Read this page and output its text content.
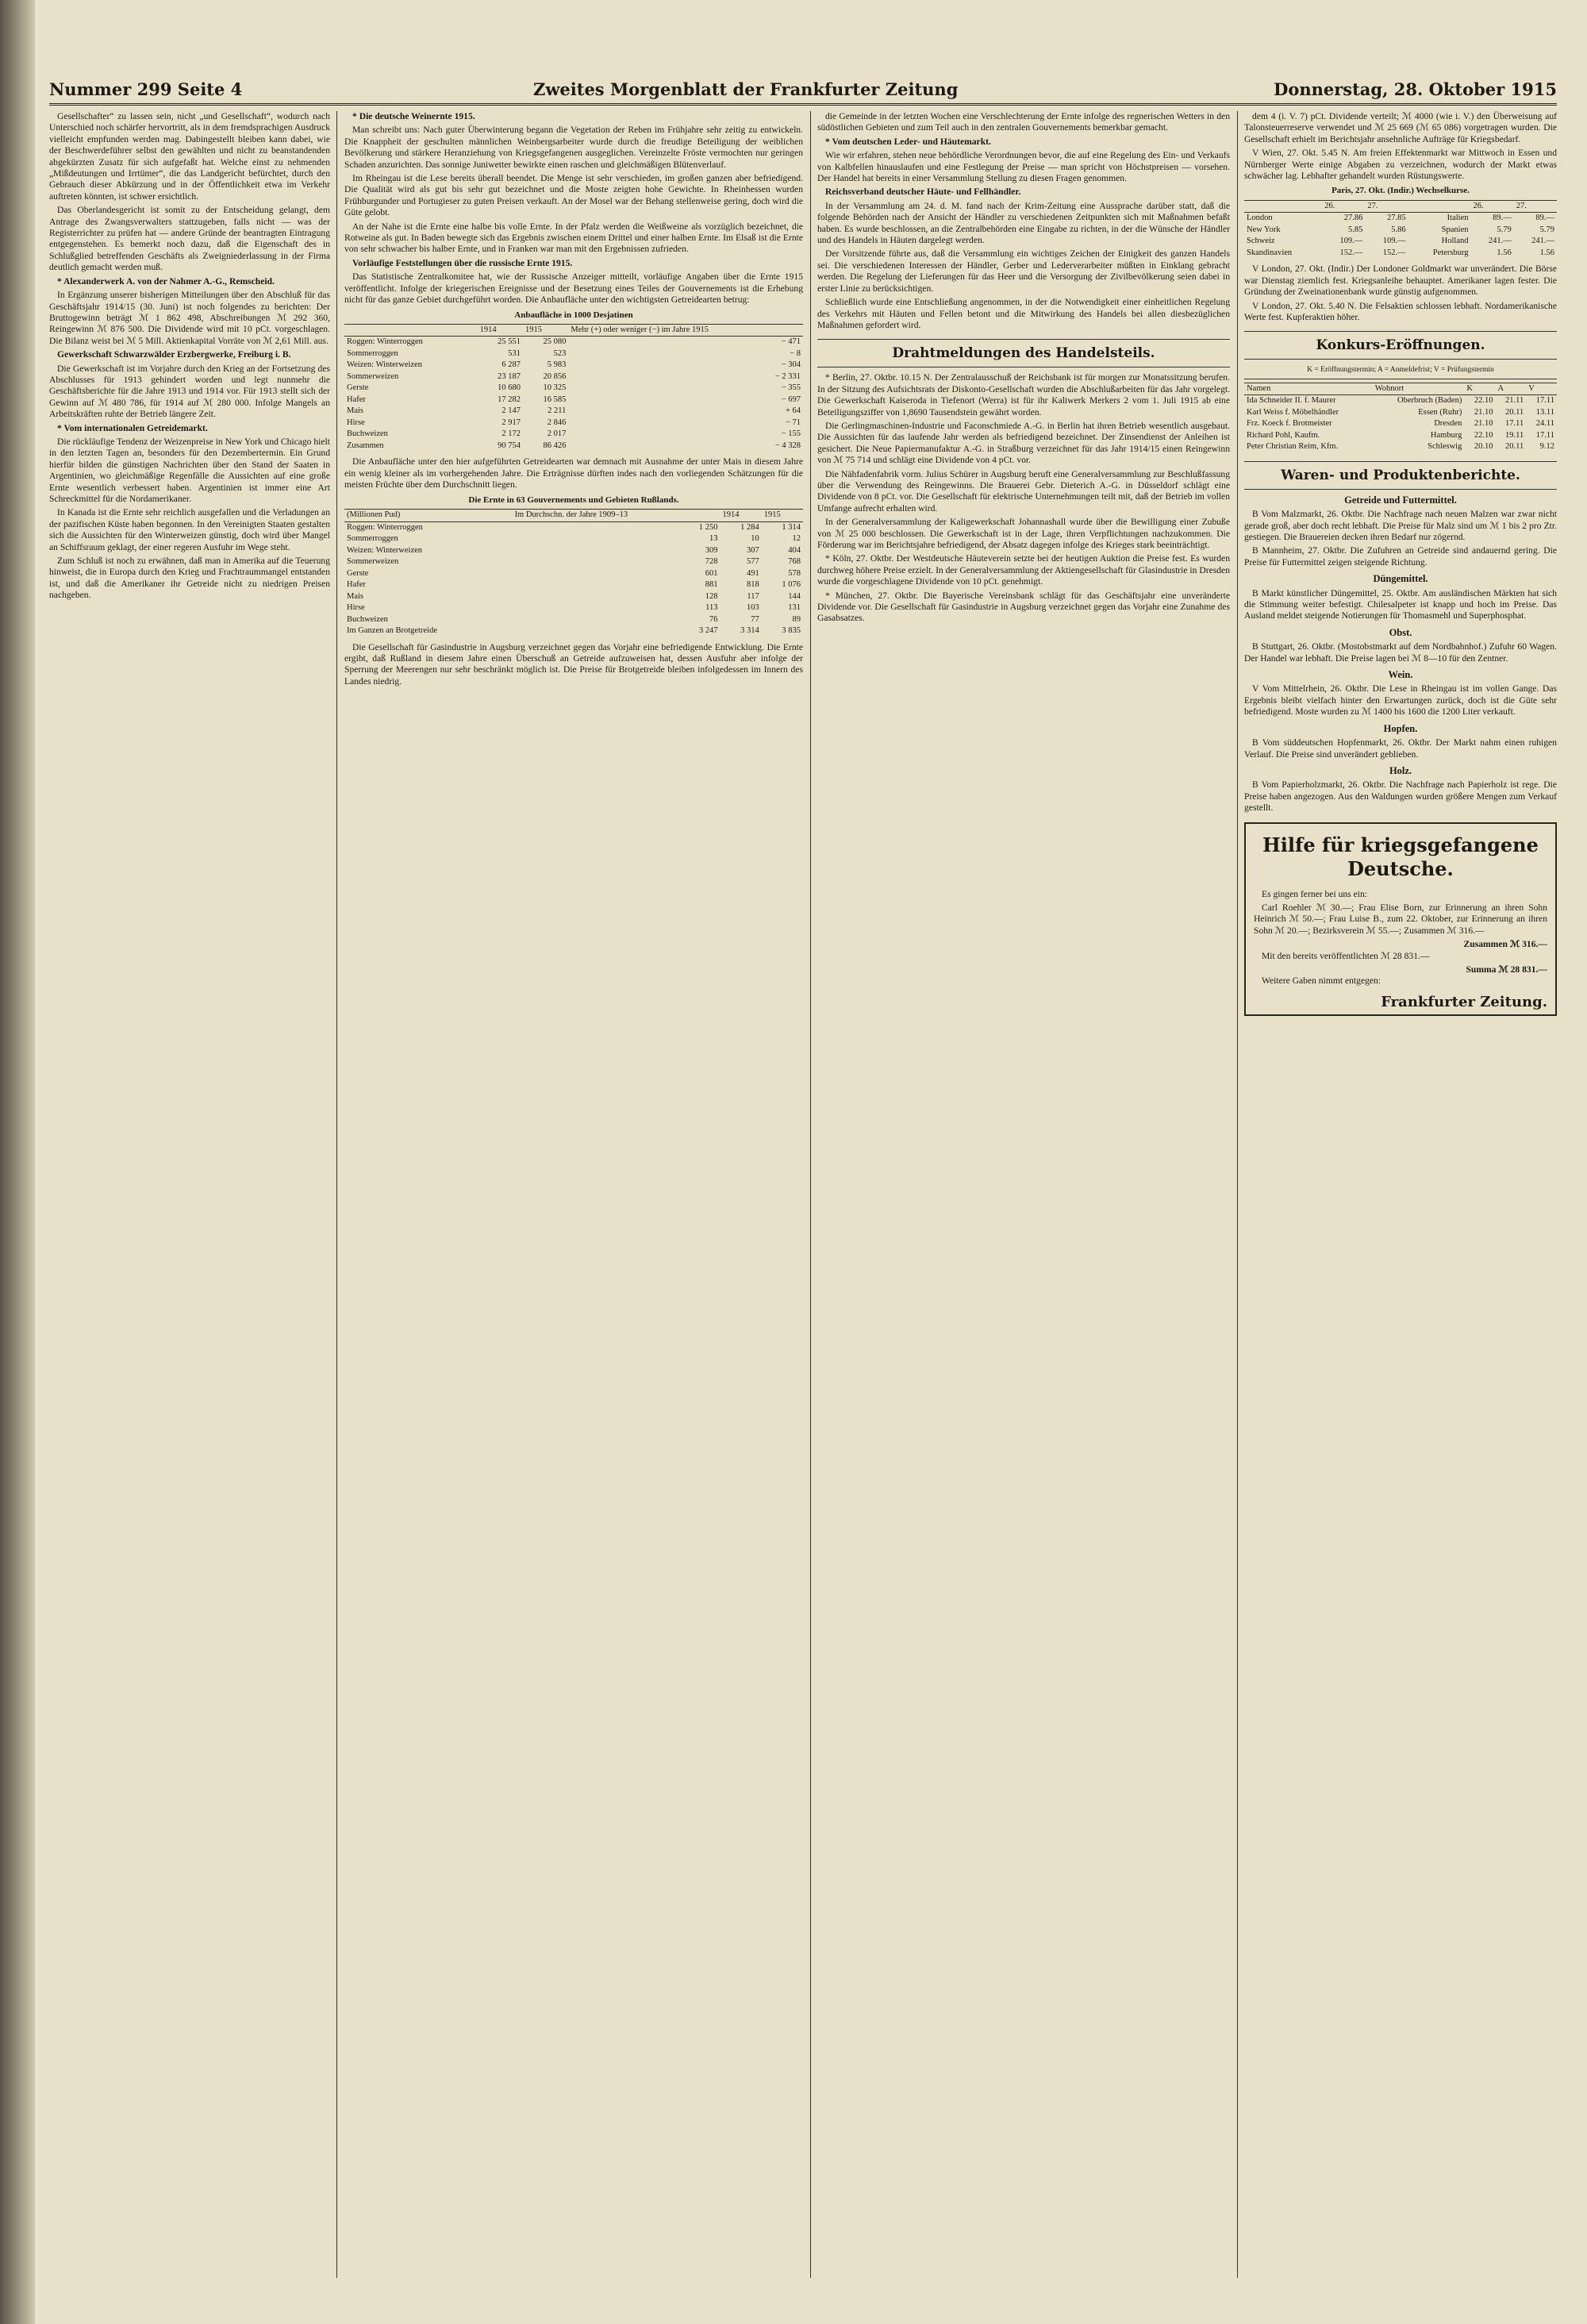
Nummer 299 Seite 4	Zweites Morgenblatt der Frankfurter Zeitung	Donnerstag, 28. Oktober 1915

Gesellschafter“ zu lassen sein, nicht „und Gesellschaft“, wodurch nach Unterschied noch schärfer hervortritt, als in dem fremdsprachigen Ausdruck vielleicht empfunden werden mag. Dabingestellt bleiben kann dabei, wie der Beschwerdeführer selbst den gewählten und nicht zu beanstandenden abgekürzten Zusatz für sich aufgefaßt hat. Welche einst zu nehmenden „Mißdeutungen und Irrtümer“, die das Landgericht befürchtet, durch den Gebrauch dieser Abkürzung und in der Öffentlichkeit etwa im Verkehr auftreten könnten, ist schwer ersichtlich.

Das Oberlandesgericht ist somit zu der Entscheidung gelangt, dem Antrage des Zwangsverwalters stattzugeben, falls nicht — was der Registerrichter zu prüfen hat — andere Gründe der beantragten Eintragung entgegenstehen. Es bemerkt noch dazu, daß die Eigenschaft des in Schlußglied betreffenden Geschäfts als Zweigniederlassung in der Firma deutlich gemacht werden muß.

* Alexanderwerk A. von der Nahmer A.-G., Remscheid.

In Ergänzung unserer bisherigen Mitteilungen über den Abschluß für das Geschäftsjahr 1914/15 (30. Juni) ist noch folgendes zu berichten: Der Bruttogewinn beträgt ℳ 1 862 498, Abschreibungen ℳ 292 360, Reingewinn ℳ 876 500. Die Dividende wird mit 10 pCt. vorgeschlagen. Die Bilanz weist bei ℳ 5 Mill. Aktienkapital Vorräte von ℳ 2,61 Mill. aus.

Gewerkschaft Schwarzwälder Erzbergwerke, Freiburg i. B.

Die Gewerkschaft ist im Vorjahre durch den Krieg an der Fortsetzung des Abschlusses für 1913 gehindert worden und legt nunmehr die Geschäftsberichte für die Jahre 1913 und 1914 vor. Für 1913 stellt sich der Gewinn auf ℳ 480 786, für 1914 auf ℳ 280 000. Infolge Mangels an Arbeitskräften ruhte der Betrieb längere Zeit.

* Vom internationalen Getreidemarkt.

Die rückläufige Tendenz der Weizenpreise in New York und Chicago hielt in den letzten Tagen an, besonders für den Dezembertermin. Ein Grund hierfür bilden die günstigen Nachrichten über den Stand der Saaten in Argentinien, wo gleichmäßige Regenfälle die Aussichten auf eine große Ernte wesentlich verbessert haben. Argentinien ist immer eine Art Schreckmittel für die Nordamerikaner.

In Kanada ist die Ernte sehr reichlich ausgefallen und die Verladungen an der pazifischen Küste haben begonnen. In den Vereinigten Staaten gestalten sich die Aussichten für den Winterweizen günstig, doch wird über Mangel an Schiffsraum geklagt, der einer regeren Ausfuhr im Wege steht.

Zum Schluß ist noch zu erwähnen, daß man in Amerika auf die Teuerung hinweist, die in Europa durch den Krieg und Frachtraummangel entstanden ist, und daß die Amerikaner ihr Getreide nicht zu niedrigen Preisen nachgeben.

* Die deutsche Weinernte 1915.

Man schreibt uns: Nach guter Überwinterung begann die Vegetation der Reben im Frühjahre sehr zeitig zu entwickeln. Die Knappheit der geschulten männlichen Weinbergsarbeiter wurde durch die freudige Beteiligung der weiblichen Bevölkerung und stärkere Heranziehung von Kriegsgefangenen ausgeglichen. Vereinzelte Fröste vermochten nur geringen Schaden anzurichten. Das sonnige Juniwetter bewirkte einen raschen und gleichmäßigen Blütenverlauf.

Im Rheingau ist die Lese bereits überall beendet. Die Menge ist sehr verschieden, im großen ganzen aber befriedigend. Die Qualität wird als gut bis sehr gut bezeichnet und die Moste zeigten hohe Gewichte. In Rheinhessen wurden Frühburgunder und Portugieser zu guten Preisen verkauft. An der Mosel war der Behang stellenweise gering, doch wird die Güte gelobt.

An der Nahe ist die Ernte eine halbe bis volle Ernte. In der Pfalz werden die Weißweine als vorzüglich bezeichnet, die Rotweine als gut. In Baden bewegte sich das Ergebnis zwischen einem Drittel und einer halben Ernte. Im Elsaß ist die Ernte von sehr schwacher bis halber Ernte, und in Franken war man mit den Ergebnissen zufrieden.

Vorläufige Feststellungen über die russische Ernte 1915.

Das Statistische Zentralkomitee hat, wie der Russische Anzeiger mitteilt, vorläufige Angaben über die Ernte 1915 veröffentlicht. Infolge der kriegerischen Ereignisse und der Besetzung eines Teiles der Gouvernements ist die Erhebung nicht für das ganze Gebiet durchgeführt worden. Die Anbaufläche unter den wichtigsten Getreidearten betrug:

Anbaufläche in 1000 Desjatinen
	1914	1915	Mehr (+) oder weniger (−) im Jahre 1915
Roggen: Winterroggen	25 551	25 080	− 471
Sommerroggen	531	523	− 8
Weizen: Winterweizen	6 287	5 983	− 304
Sommerweizen	23 187	20 856	− 2 331
Gerste	10 680	10 325	− 355
Hafer	17 282	16 585	− 697
Mais	2 147	2 211	+ 64
Hirse	2 917	2 846	− 71
Buchweizen	2 172	2 017	− 155
Zusammen	90 754	86 426	− 4 328

Die Anbaufläche unter den hier aufgeführten Getreidearten war demnach mit Ausnahme der unter Mais in diesem Jahre ein wenig kleiner als im vorhergehenden Jahre. Die Erträgnisse dürften indes nach den vorliegenden Schätzungen für die meisten Früchte über dem Durchschnitt liegen.

Die Ernte in 63 Gouvernements und Gebieten Rußlands.
(Millionen Pud)	Im Durchschn. der Jahre 1909–13	1914	1915
Roggen: Winterroggen	1 250	1 284	1 314
Sommerroggen	13	10	12
Weizen: Winterweizen	309	307	404
Sommerweizen	728	577	768
Gerste	601	491	578
Hafer	881	818	1 076
Mais	128	117	144
Hirse	113	103	131
Buchweizen	76	77	89
Im Ganzen an Brotgetreide	3 247	3 314	3 835

Die Gesellschaft für Gasindustrie in Augsburg verzeichnet gegen das Vorjahr eine befriedigende Entwicklung. Die Ernte ergibt, daß Rußland in diesem Jahre einen Überschuß an Getreide aufzuweisen hat, dessen Ausfuhr aber infolge der Sperrung der Meerengen nur sehr beschränkt möglich ist. Die Preise für Brotgetreide bleiben infolgedessen im Innern des Landes niedrig.

die Gemeinde in der letzten Wochen eine Verschlechterung der Ernte infolge des regnerischen Wetters in den südöstlichen Gebieten und zum Teil auch in den zentralen Gouvernements bemerkbar gemacht.

* Vom deutschen Leder- und Häutemarkt.

Wie wir erfahren, stehen neue behördliche Verordnungen bevor, die auf eine Regelung des Ein- und Verkaufs von Kalbfellen hinauslaufen und eine Festlegung der Preise — man spricht von Höchstpreisen — vorsehen. Der Handel hat bereits in einer Versammlung Stellung zu diesen Fragen genommen.

Reichsverband deutscher Häute- und Fellhändler.

In der Versammlung am 24. d. M. fand nach der Krim-Zeitung eine Aussprache darüber statt, daß die folgende Behörden nach der Ansicht der Händler zu verschiedenen Zeitpunkten sich mit Maßnahmen befaßt haben. Es wurde beschlossen, an die Zentralbehörden eine Eingabe zu richten, in der die Wünsche der Händler und des Handels in Häuten dargelegt werden.

Der Vorsitzende führte aus, daß die Versammlung ein wichtiges Zeichen der Einigkeit des ganzen Handels sei. Die verschiedenen Interessen der Händler, Gerber und Lederverarbeiter müßten in Einklang gebracht werden. Die Regelung der Lieferungen für das Heer und die Versorgung der Zivilbevölkerung seien dabei in erster Linie zu berücksichtigen.

Schließlich wurde eine Entschließung angenommen, in der die Notwendigkeit einer einheitlichen Regelung des Verkehrs mit Häuten und Fellen betont und die Mitwirkung des Handels bei allen diesbezüglichen Maßnahmen gefordert wird.

Drahtmeldungen des Handelsteils.

* Berlin, 27. Oktbr. 10.15 N. Der Zentralausschuß der Reichsbank ist für morgen zur Monatssitzung berufen. In der Sitzung des Aufsichtsrats der Diskonto-Gesellschaft wurden die Abschlußarbeiten für das Jahr vorgelegt. Die Gewerkschaft Kaiseroda in Tiefenort (Werra) ist für ihr Kaliwerk Merkers 2 vom 1. Juli 1915 ab eine Beteiligungsziffer von 1,8690 Tausendstein gewährt worden.

Die Gerlingmaschinen-Industrie und Faconschmiede A.-G. in Berlin hat ihren Betrieb wesentlich ausgebaut. Die Aussichten für das laufende Jahr werden als befriedigend bezeichnet. Der Zinsendienst der Anleihen ist gesichert. Die Neue Papiermanufaktur A.-G. in Straßburg verzeichnet für das Jahr 1914/15 einen Reingewinn von ℳ 75 714 und schlägt eine Dividende von 4 pCt. vor.

Die Nähfadenfabrik vorm. Julius Schürer in Augsburg beruft eine Generalversammlung zur Beschlußfassung über die Verwendung des Reingewinns. Die Brauerei Gebr. Dieterich A.-G. in Düsseldorf schlägt eine Dividende von 8 pCt. vor. Die Gesellschaft für elektrische Unternehmungen teilt mit, daß der Betrieb im vollen Umfange aufrecht erhalten wird.

In der Generalversammlung der Kaligewerkschaft Johannashall wurde über die Bewilligung einer Zubuße von ℳ 25 000 beschlossen. Die Gewerkschaft ist in der Lage, ihren Verpflichtungen nachzukommen. Die Förderung war im Berichtsjahre befriedigend, der Absatz dagegen infolge des Krieges stark beeinträchtigt.

* Köln, 27. Oktbr. Der Westdeutsche Häuteverein setzte bei der heutigen Auktion die Preise fest. Es wurden durchweg höhere Preise erzielt. In der Generalversammlung der Aktiengesellschaft für Glasindustrie in Dresden wurde die vorgeschlagene Dividende von 10 pCt. genehmigt.

* München, 27. Oktbr. Die Bayerische Vereinsbank schlägt für das Geschäftsjahr eine unveränderte Dividende vor. Die Gesellschaft für Gasindustrie in Augsburg verzeichnet gegen das Vorjahr eine Zunahme des Gasabsatzes.

dem 4 (i. V. 7) pCt. Dividende verteilt; ℳ 4000 (wie i. V.) den Überweisung auf Talonsteuerreserve verwendet und ℳ 25 669 (ℳ 65 086) vorgetragen wurden. Die Gesellschaft erhielt im Berichtsjahr ansehnliche Aufträge für Kriegsbedarf.

V Wien, 27. Okt. 5.45 N. Am freien Effektenmarkt war Mittwoch in Essen und Nürnberger Werte einige Abgaben zu verzeichnen, wodurch der Markt etwas schwächer lag. Lebhafter gehandelt wurden Rüstungswerte.

Paris, 27. Okt. (Indir.) Wechselkurse.
	26.	27.		26.	27.
London	27.86	27.85	Italien	89.—	89.—
New York	5.85	5.86	Spanien	5.79	5.79
Schweiz	109.—	109.—	Holland	241.—	241.—
Skandinavien	152.—	152.—	Petersburg	1.56	1.56

V London, 27. Okt. (Indir.) Der Londoner Goldmarkt war unverändert. Die Börse war Dienstag ziemlich fest. Kriegsanleihe behauptet. Amerikaner lagen fester. Die Gründung der Zweinationenbank wurde günstig aufgenommen.

V London, 27. Okt. 5.40 N. Die Felsaktien schlossen lebhaft. Nordamerikanische Werte fest. Kupferaktien höher.

Konkurs-Eröffnungen.
K = Eröffnungstermin; A = Anmeldefrist; V = Prüfungstermin
Namen	Wohnort	K	A	V
Ida Schneider II. f. Maurer	Oberbruch (Baden)	22.10	21.11	17.11
Karl Weiss f. Möbelhändler	Essen (Ruhr)	21.10	20.11	13.11
Frz. Koeck f. Brotmeister	Dresden	21.10	17.11	24.11
Richard Pohl, Kaufm.	Hamburg	22.10	19.11	17.11
Peter Christian Reim, Kfm.	Schleswig	20.10	20.11	9.12
Waren- und Produktenberichte.
Getreide und Futtermittel.

B Vom Malzmarkt, 26. Oktbr. Die Nachfrage nach neuen Malzen war zwar nicht gerade groß, aber doch recht lebhaft. Die Preise für Malz sind um ℳ 1 bis 2 pro Ztr. gestiegen. Die Brauereien decken ihren Bedarf nur zögernd.

B Mannheim, 27. Oktbr. Die Zufuhren an Getreide sind andauernd gering. Die Preise für Futtermittel zeigen steigende Richtung.

Düngemittel.

B Markt künstlicher Düngemittel, 25. Oktbr. Am ausländischen Märkten hat sich die Stimmung weiter befestigt. Chilesalpeter ist knapp und hoch im Preise. Das Ausland meldet steigende Notierungen für Thomasmehl und Superphosphat.

Obst.

B Stuttgart, 26. Oktbr. (Mostobstmarkt auf dem Nordbahnhof.) Zufuhr 60 Wagen. Der Handel war lebhaft. Die Preise lagen bei ℳ 8—10 für den Zentner.

Wein.

V Vom Mittelrhein, 26. Oktbr. Die Lese in Rheingau ist im vollen Gange. Das Ergebnis bleibt vielfach hinter den Erwartungen zurück, doch ist die Güte sehr befriedigend. Moste wurden zu ℳ 1400 bis 1600 die 1200 Liter verkauft.

Hopfen.

B Vom süddeutschen Hopfenmarkt, 26. Oktbr. Der Markt nahm einen ruhigen Verlauf. Die Preise sind unverändert geblieben.

Holz.

B Vom Papierholzmarkt, 26. Oktbr. Die Nachfrage nach Papierholz ist rege. Die Preise haben angezogen. Aus den Waldungen wurden größere Mengen zum Verkauf gestellt.

Hilfe für kriegsgefangene Deutsche.

Es gingen ferner bei uns ein:

Carl Roehler ℳ 30.—; Frau Elise Born, zur Erinnerung an ihren Sohn Heinrich ℳ 50.—; Frau Luise B., zum 22. Oktober, zur Erinnerung an ihren Sohn ℳ 20.—; Bezirksverein ℳ 55.—; Zusammen ℳ 316.—

Zusammen ℳ 316.—

Mit den bereits veröffentlichten ℳ 28 831.—

Summa ℳ 28 831.—

Weitere Gaben nimmt entgegen:

Frankfurter Zeitung.
